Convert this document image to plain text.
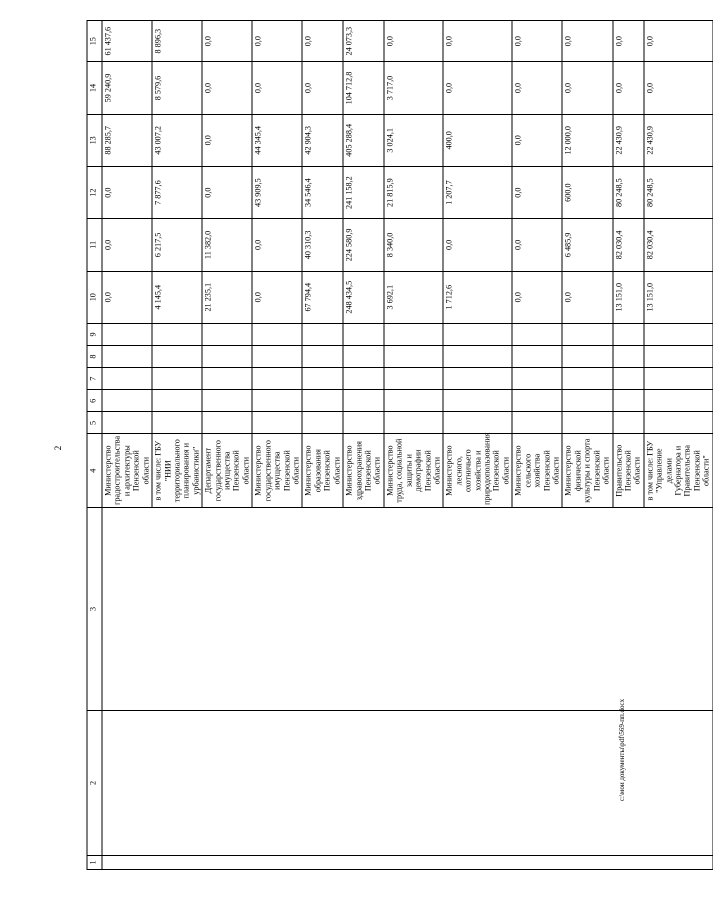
2
1	2	3	4	5	6	7	8	9	10	11	12	13	14	15
			Министерство градостроительства и архитектуры Пензенской области						0,0	0,0	0,0	88 285,7	59 240,9	61 437,6
			в том числе: ГБУ "НИИ территориального планирования и урбанистики"						4 145,4	6 217,5	7 877,6	43 007,2	8 579,6	8 896,3
			Департамент государственного имущества Пензенской области						21 235,1	11 382,0	0,0	0,0	0,0	0,0
			Министерство государственного имущества Пензенской области						0,0	0,0	43 909,5	44 345,4	0,0	0,0
			Министерство образования Пензенской области						67 794,4	40 310,3	34 546,4	42 904,3	0,0	0,0
			Министерство здравоохранения Пензенской области						248 434,5	224 580,9	241 158,2	405 288,4	104 712,8	24 073,3
			Министерство труда, социальной защиты и демографии Пензенской области						3 692,1	8 340,0	21 815,9	3 024,1	3 717,0	0,0
			Министерство лесного, охотничьего хозяйства и природопользования Пензенской области						1 712,6	0,0	1 207,7	400,0	0,0	0,0
			Министерство сельского хозяйства Пензенской области						0,0	0,0	0,0	0,0	0,0	0,0
			Министерство физической культуры и спорта Пензенской области						0,0	6 485,9	600,0	12 000,0	0,0	0,0
			Правительство Пензенской области						13 151,0	82 030,4	80 248,5	22 430,9	0,0	0,0
			в том числе: ГБУ "Управление делами Губернатора и Правительства Пензенской области"						13 151,0	82 030,4	80 248,5	22 430,9	0,0	0,0
c:\мои документы\pdf\569-пп.docx
